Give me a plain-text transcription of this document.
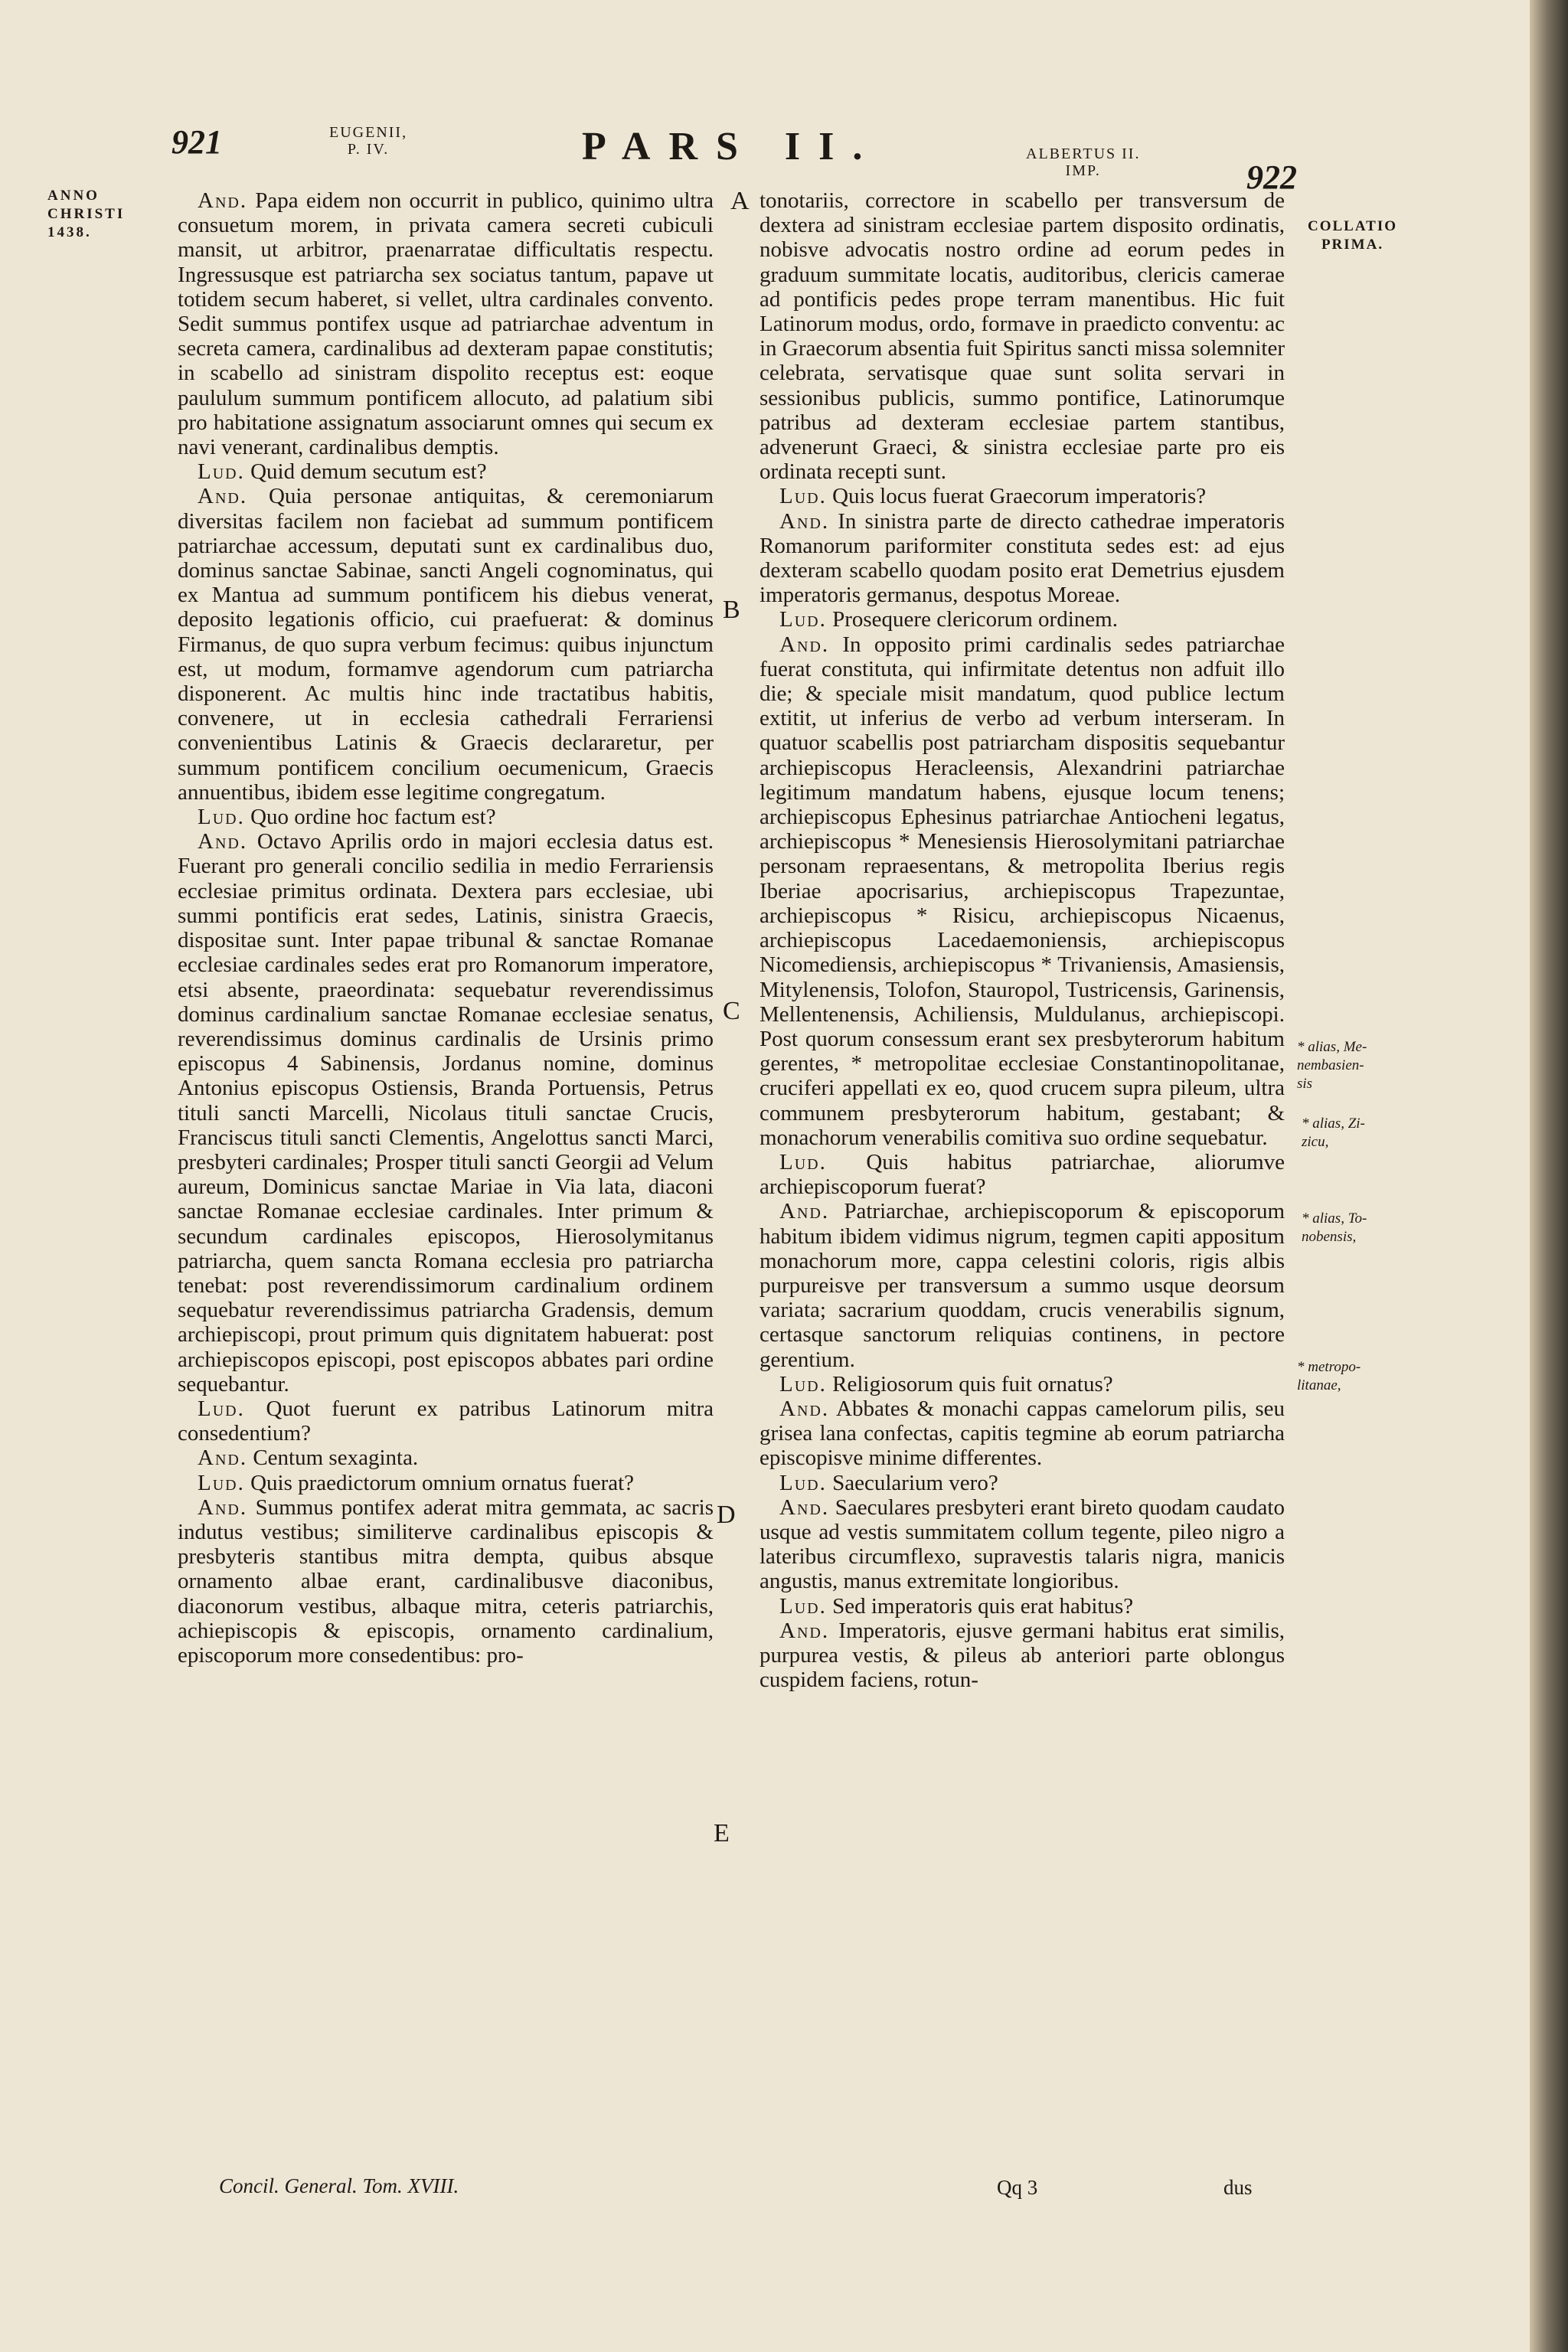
921	EUGENII,
P. IV.	PARS II.	ALBERTUS II.
IMP.	922
ANNO
CHRISTI
1438.	COLLATIO
PRIMA.
A
B
C
D
E
* alias, Me-
nembasien-
sis
* alias, Zi-
zicu,
* alias, To-
nobensis,
* metropo-
litanae,

And. Papa eidem non occurrit in publico, quinimo ultra consuetum morem, in privata camera secreti cubiculi mansit, ut arbitror, praenarratae difficultatis respectu. Ingressusque est patriarcha sex sociatus tantum, papave ut totidem secum haberet, si vellet, ultra cardinales convento. Sedit summus pontifex usque ad patriarchae adventum in secreta camera, cardinalibus ad dexteram papae constitutis; in scabello ad sinistram dispolito receptus est: eoque paululum summum pontificem allocuto, ad palatium sibi pro habitatione assignatum associarunt omnes qui secum ex navi venerant, cardinalibus demptis.

Lud. Quid demum secutum est?

And. Quia personae antiquitas, & ceremoniarum diversitas facilem non faciebat ad summum pontificem patriarchae accessum, deputati sunt ex cardinalibus duo, dominus sanctae Sabinae, sancti Angeli cognominatus, qui ex Mantua ad summum pontificem his diebus venerat, deposito legationis officio, cui praefuerat: & dominus Firmanus, de quo supra verbum fecimus: quibus injunctum est, ut modum, formamve agendorum cum patriarcha disponerent. Ac multis hinc inde tractatibus habitis, convenere, ut in ecclesia cathedrali Ferrariensi convenientibus Latinis & Graecis declararetur, per summum pontificem concilium oecumenicum, Graecis annuentibus, ibidem esse legitime congregatum.

Lud. Quo ordine hoc factum est?

And. Octavo Aprilis ordo in majori ecclesia datus est. Fuerant pro generali concilio sedilia in medio Ferrariensis ecclesiae primitus ordinata. Dextera pars ecclesiae, ubi summi pontificis erat sedes, Latinis, sinistra Graecis, dispositae sunt. Inter papae tribunal & sanctae Romanae ecclesiae cardinales sedes erat pro Romanorum imperatore, etsi absente, praeordinata: sequebatur reverendissimus dominus cardinalium sanctae Romanae ecclesiae senatus, reverendissimus dominus cardinalis de Ursinis primo episcopus 4 Sabinensis, Jordanus nomine, dominus Antonius episcopus Ostiensis, Branda Portuensis, Petrus tituli sancti Marcelli, Nicolaus tituli sanctae Crucis, Franciscus tituli sancti Clementis, Angelottus sancti Marci, presbyteri cardinales; Prosper tituli sancti Georgii ad Velum aureum, Dominicus sanctae Mariae in Via lata, diaconi sanctae Romanae ecclesiae cardinales. Inter primum & secundum cardinales episcopos, Hierosolymitanus patriarcha, quem sancta Romana ecclesia pro patriarcha tenebat: post reverendissimorum cardinalium ordinem sequebatur reverendissimus patriarcha Gradensis, demum archiepiscopi, prout primum quis dignitatem habuerat: post archiepiscopos episcopi, post episcopos abbates pari ordine sequebantur.

Lud. Quot fuerunt ex patribus Latinorum mitra consedentium?

And. Centum sexaginta.

Lud. Quis praedictorum omnium ornatus fuerat?

And. Summus pontifex aderat mitra gemmata, ac sacris indutus vestibus; similiterve cardinalibus episcopis & presbyteris stantibus mitra dempta, quibus absque ornamento albae erant, cardinalibusve diaconibus, diaconorum vestibus, albaque mitra, ceteris patriarchis, achiepiscopis & episcopis, ornamento cardinalium, episcoporum more consedentibus: pro-

tonotariis, correctore in scabello per transversum de dextera ad sinistram ecclesiae partem disposito ordinatis, nobisve advocatis nostro ordine ad eorum pedes in graduum summitate locatis, auditoribus, clericis camerae ad pontificis pedes prope terram manentibus. Hic fuit Latinorum modus, ordo, formave in praedicto conventu: ac in Graecorum absentia fuit Spiritus sancti missa solemniter celebrata, servatisque quae sunt solita servari in sessionibus publicis, summo pontifice, Latinorumque patribus ad dexteram ecclesiae partem stantibus, advenerunt Graeci, & sinistra ecclesiae parte pro eis ordinata recepti sunt.

Lud. Quis locus fuerat Graecorum imperatoris?

And. In sinistra parte de directo cathedrae imperatoris Romanorum pariformiter constituta sedes est: ad ejus dexteram scabello quodam posito erat Demetrius ejusdem imperatoris germanus, despotus Moreae.

Lud. Prosequere clericorum ordinem.

And. In opposito primi cardinalis sedes patriarchae fuerat constituta, qui infirmitate detentus non adfuit illo die; & speciale misit mandatum, quod publice lectum extitit, ut inferius de verbo ad verbum interseram. In quatuor scabellis post patriarcham dispositis sequebantur archiepiscopus Heracleensis, Alexandrini patriarchae legitimum mandatum habens, ejusque locum tenens; archiepiscopus Ephesinus patriarchae Antiocheni legatus, archiepiscopus * Menesiensis Hierosolymitani patriarchae personam repraesentans, & metropolita Iberius regis Iberiae apocrisarius, archiepiscopus Trapezuntae, archiepiscopus * Risicu, archiepiscopus Nicaenus, archiepiscopus Lacedaemoniensis, archiepiscopus Nicomediensis, archiepiscopus * Trivaniensis, Amasiensis, Mitylenensis, Tolofon, Stauropol, Tustricensis, Garinensis, Mellentenensis, Achiliensis, Muldulanus, archiepiscopi. Post quorum consessum erant sex presbyterorum habitum gerentes, * metropolitae ecclesiae Constantinopolitanae, cruciferi appellati ex eo, quod crucem supra pileum, ultra communem presbyterorum habitum, gestabant; & monachorum venerabilis comitiva suo ordine sequebatur.

Lud. Quis habitus patriarchae, aliorumve archiepiscoporum fuerat?

And. Patriarchae, archiepiscoporum & episcoporum habitum ibidem vidimus nigrum, tegmen capiti appositum monachorum more, cappa celestini coloris, rigis albis purpureisve per transversum a summo usque deorsum variata; sacrarium quoddam, crucis venerabilis signum, certasque sanctorum reliquias continens, in pectore gerentium.

Lud. Religiosorum quis fuit ornatus?

And. Abbates & monachi cappas camelorum pilis, seu grisea lana confectas, capitis tegmine ab eorum patriarcha episcopisve minime differentes.

Lud. Saecularium vero?

And. Saeculares presbyteri erant bireto quodam caudato usque ad vestis summitatem collum tegente, pileo nigro a lateribus circumflexo, supravestis talaris nigra, manicis angustis, manus extremitate longioribus.

Lud. Sed imperatoris quis erat habitus?

And. Imperatoris, ejusve germani habitus erat similis, purpurea vestis, & pileus ab anteriori parte oblongus cuspidem faciens, rotun-

Concil. General. Tom. XVIII.	Qq 3	dus
